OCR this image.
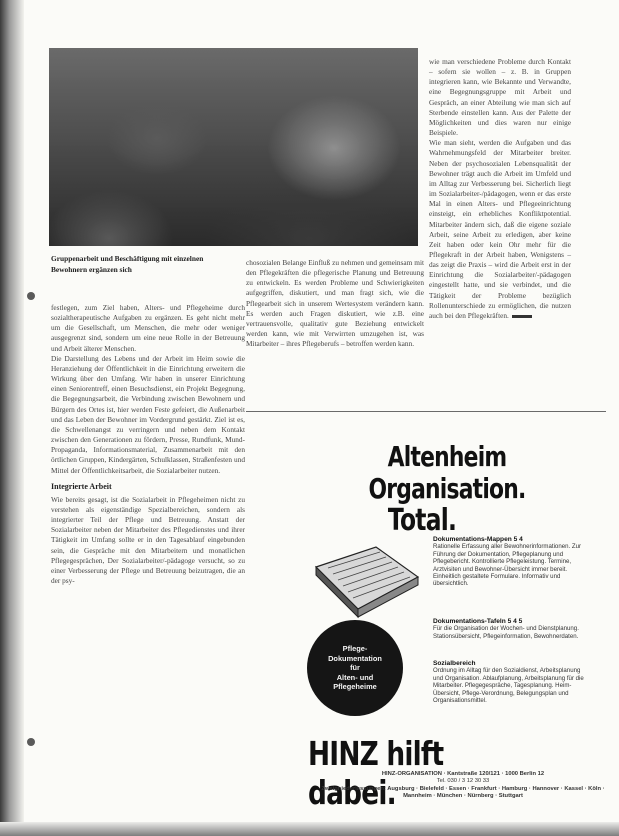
Gruppenarbeit und Beschäftigung mit einzelnen Bewohnern ergänzen sich

festlegen, zum Ziel haben, Alters- und Pflegeheime durch sozialtherapeutische Aufgaben zu ergänzen. Es geht nicht mehr um die Gesellschaft, um Menschen, die mehr oder weniger ausgegrenzt sind, sondern um eine neue Rolle in der Betreuung und Arbeit älterer Menschen.

Die Darstellung des Lebens und der Arbeit im Heim sowie die Heranziehung der Öffentlichkeit in die Einrichtung erweitern die Wirkung über den Umfang. Wir haben in unserer Einrichtung einen Seniorentreff, einen Besuchsdienst, ein Projekt Begegnung, die Begegnungsarbeit, die Verbindung zwischen Bewohnern und Bürgern des Ortes ist, hier werden Feste gefeiert, die Außenarbeit und das Leben der Bewohner im Vordergrund gestärkt. Ziel ist es, die Schwellenangst zu verringern und neben dem Kontakt zwischen den Generationen zu fördern, Presse, Rundfunk, Mund-Propaganda, Informationsmaterial, Zusammenarbeit mit den örtlichen Gruppen, Kindergärten, Schulklassen, Straßenfesten und Mittel der Öffentlichkeitsarbeit, die Sozialarbeiter nutzen.

Integrierte Arbeit

Wie bereits gesagt, ist die Sozialarbeit in Pflegeheimen nicht zu verstehen als eigenständige Spezialbereichen, sondern als integrierter Teil der Pflege und Betreuung. Anstatt der Sozialarbeiter neben der Mitarbeiter des Pflegedienstes und ihrer Tätigkeit im Umfang sollte er in den Tagesablauf eingebunden sein, die Gespräche mit den Mitarbeitern und monatlichen Pflegegesprächen, Der Sozialarbeiter/-pädagoge versucht, so zu einer Verbesserung der Pflege und Betreuung beizutragen, die an der psy-

chosozialen Belange Einfluß zu nehmen und gemeinsam mit den Pflegekräften die pflegerische Planung und Betreuung zu entwickeln. Es werden Probleme und Schwierigkeiten aufgegriffen, diskutiert, und man fragt sich, wie die Pflegearbeit sich in unserem Wertesystem verändern kann. Es werden auch Fragen diskutiert, wie z.B. eine vertrauensvolle, qualitativ gute Beziehung entwickelt werden kann, wie mit Verwirrten umzugehen ist, was Mitarbeiter – ihres Pflegeberufs – betroffen werden kann.

wie man verschiedene Probleme durch Kontakt – sofern sie wollen – z. B. in Gruppen integrieren kann, wie Bekannte und Verwandte, eine Begegnungsgruppe mit Arbeit und Gespräch, an einer Abteilung wie man sich auf Sterbende einstellen kann. Aus der Palette der Möglichkeiten und dies waren nur einige Beispiele.

Wie man sieht, werden die Aufgaben und das Wahrnehmungsfeld der Mitarbeiter breiter. Neben der psychosozialen Lebensqualität der Bewohner trägt auch die Arbeit im Umfeld und im Alltag zur Verbesserung bei. Sicherlich liegt im Sozialarbeiter-/pädagogen, wenn er das erste Mal in einen Alters- und Pflegeeinrichtung einsteigt, ein erhebliches Konfliktpotential. Mitarbeiter ändern sich, daß die eigene soziale Arbeit, seine Arbeit zu erledigen, aber keine Zeit haben oder kein Ohr mehr für die Pflegekraft in der Arbeit haben, Wenigstens – das zeigt die Praxis – wird die Arbeit erst in der Einrichtung die Sozialarbeiter/-pädagogen eingestellt hatte, und sie verbindet, und die Tätigkeit der Probleme bezüglich Rollenunterschiede zu ermöglichen, die nutzen auch bei den Pflegekräften.

Altenheim
Organisation.
Total.
Pflege-
Dokumentation
für
Alten- und
Pflegeheime
Dokumentations-Mappen 5 4
Rationelle Erfassung aller Bewohnerinformationen. Zur Führung der Dokumentation, Pflegeplanung und Pflegebericht. Kontrollierte Pflegeleistung. Termine, Arztvisiten und Bewohner-Übersicht immer bereit. Einheitlich gestaltete Formulare. Informativ und übersichtlich.
Dokumentations-Tafeln 5 4 5
Für die Organisation der Wochen- und Dienstplanung. Stationsübersicht, Pflegeinformation, Bewohnerdaten.
Sozialbereich
Ordnung im Alltag für den Sozialdienst, Arbeitsplanung und Organisation. Ablaufplanung, Arbeitsplanung für die Mitarbeiter. Pflegegespräche, Tagesplanung. Heim-Übersicht, Pflege-Verordnung, Belegungsplan und Organisationsmittel.
HINZ hilft dabei.
HINZ-ORGANISATION · Kantstraße 120/121 · 1000 Berlin 12
Tel. 030 / 3 12 30 33
Zweigniederlassungen: Augsburg · Bielefeld · Essen · Frankfurt · Hamburg · Hannover · Kassel · Köln · Mannheim · München · Nürnberg · Stuttgart
